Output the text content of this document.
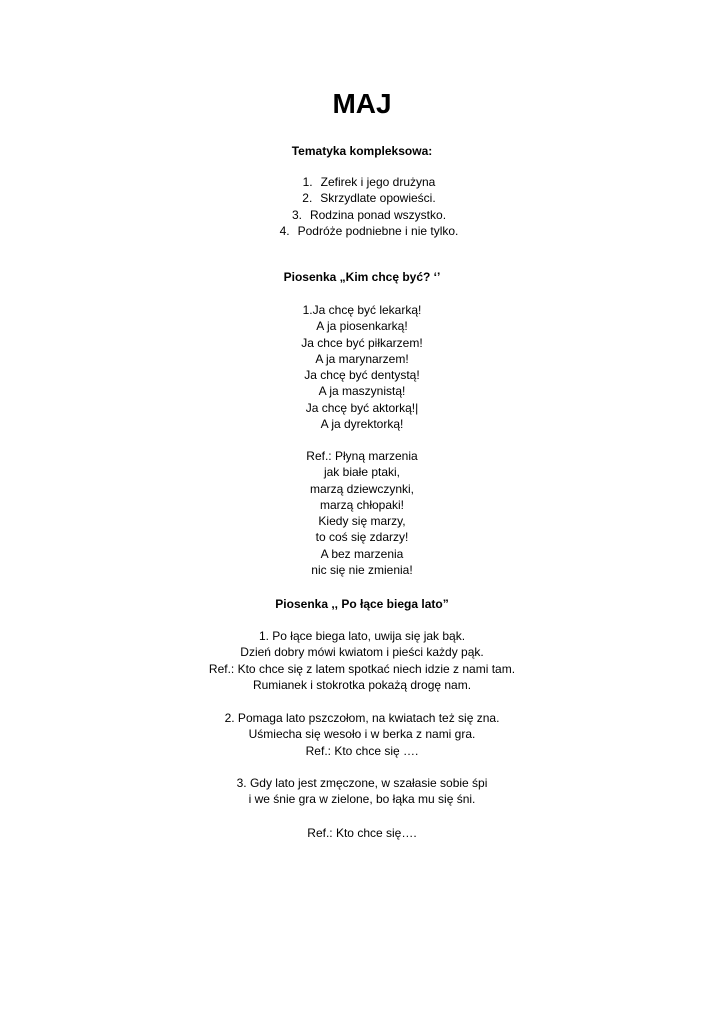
MAJ
Tematyka kompleksowa:
1. Zefirek i jego drużyna
2. Skrzydlate opowieści.
3. Rodzina ponad wszystko.
4. Podróże podniebne i nie tylko.
Piosenka „Kim chcę być? ‘’
1.Ja chcę być lekarką!
A ja piosenkarką!
Ja chce być piłkarzem!
A ja marynarzem!
Ja chcę być dentystą!
A ja maszynistą!
Ja chcę być aktorką!|
A ja dyrektorką!
Ref.: Płyną marzenia
jak białe ptaki,
marzą dziewczynki,
marzą chłopaki!
Kiedy się marzy,
to coś się zdarzy!
A bez marzenia
nic się nie zmienia!
Piosenka ,, Po łące biega lato”
1. Po łące biega lato, uwija się jak bąk.
Dzień dobry mówi kwiatom i pieści każdy pąk.
Ref.: Kto chce się z latem spotkać niech idzie z nami tam.
Rumianek i stokrotka pokażą drogę nam.
2. Pomaga lato pszczołom, na kwiatach też się zna.
Uśmiecha się wesoło i w berka z nami gra.
Ref.: Kto chce się ….
3. Gdy lato jest zmęczone, w szałasie sobie śpi
i we śnie gra w zielone, bo łąka mu się śni.
Ref.: Kto chce się….
